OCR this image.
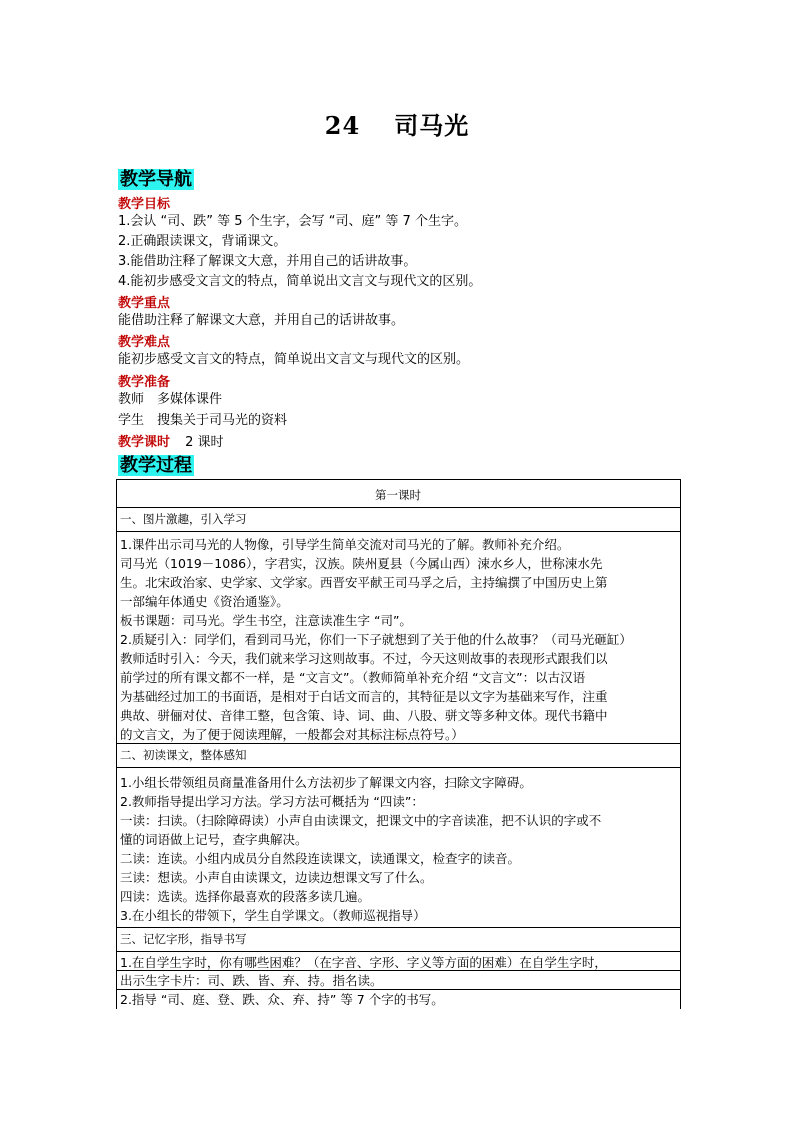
24 司马光
教学导航
教学目标
1.会认 “司、跌” 等 5 个生字，会写 “司、庭” 等 7 个生字。
2.正确跟读课文，背诵课文。
3.能借助注释了解课文大意，并用自己的话讲故事。
4.能初步感受文言文的特点，简单说出文言文与现代文的区别。
教学重点
能借助注释了解课文大意，并用自己的话讲故事。
教学难点
能初步感受文言文的特点，简单说出文言文与现代文的区别。
教学准备
教师　多媒体课件
学生　搜集关于司马光的资料
教学课时 2 课时
教学过程
第一课时
一、图片激趣，引入学习
1.课件出示司马光的人物像，引导学生简单交流对司马光的了解。教师补充介绍。
司马光（1019－1086），字君实，汉族。陕州夏县（今属山西）涑水乡人，世称涑水先
生。北宋政治家、史学家、文学家。西晋安平献王司马孚之后，主持编撰了中国历史上第
一部编年体通史《资治通鉴》。
板书课题：司马光。学生书空，注意读准生字 “司”。
2.质疑引入：同学们，看到司马光，你们一下子就想到了关于他的什么故事？（司马光砸缸）
教师适时引入：今天，我们就来学习这则故事。不过，今天这则故事的表现形式跟我们以
前学过的所有课文都不一样，是 “文言文”。（教师简单补充介绍 “文言文”：以古汉语
为基础经过加工的书面语，是相对于白话文而言的，其特征是以文字为基础来写作，注重
典故、骈俪对仗、音律工整，包含策、诗、词、曲、八股、骈文等多种文体。现代书籍中
的文言文，为了便于阅读理解，一般都会对其标注标点符号。）
二、初读课文，整体感知
1.小组长带领组员商量准备用什么方法初步了解课文内容，扫除文字障碍。
2.教师指导提出学习方法。学习方法可概括为 “四读”：
一读：扫读。（扫除障碍读）小声自由读课文，把课文中的字音读准，把不认识的字或不
懂的词语做上记号，查字典解决。
二读：连读。小组内成员分自然段连读课文，读通课文，检查字的读音。
三读：想读。小声自由读课文，边读边想课文写了什么。
四读：选读。选择你最喜欢的段落多读几遍。
3.在小组长的带领下，学生自学课文。（教师巡视指导）
三、记忆字形，指导书写
1.在自学生字时，你有哪些困难？（在字音、字形、字义等方面的困难）在自学生字时，
出示生字卡片：司、跌、皆、弃、持。指名读。
2.指导 “司、庭、登、跌、众、弃、持” 等 7 个字的书写。
